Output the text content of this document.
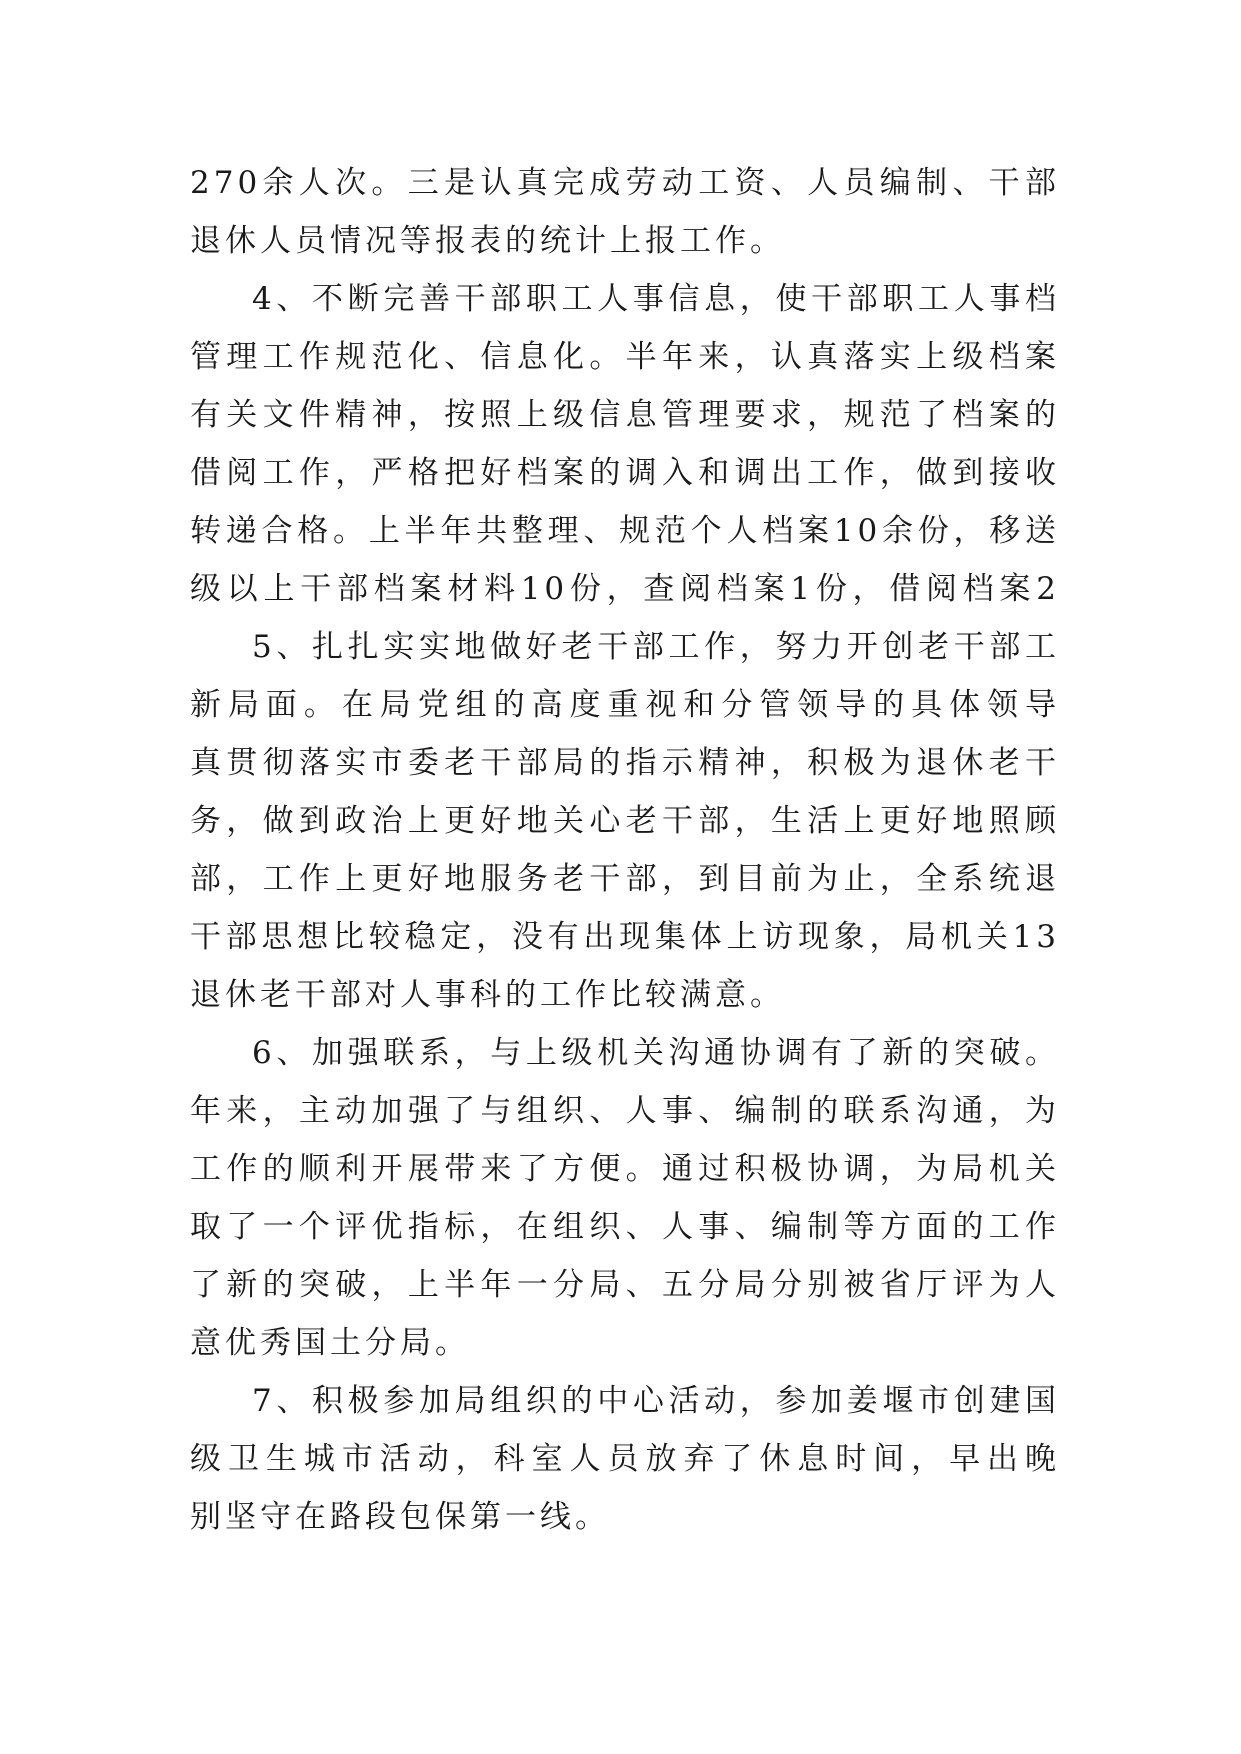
270余人次。三是认真完成劳动工资、人员编制、干部
退休人员情况等报表的统计上报工作。
4、不断完善干部职工人事信息，使干部职工人事档
管理工作规范化、信息化。半年来，认真落实上级档案
有关文件精神，按照上级信息管理要求，规范了档案的
借阅工作，严格把好档案的调入和调出工作，做到接收
转递合格。上半年共整理、规范个人档案10余份，移送
级以上干部档案材料10份，查阅档案1份，借阅档案2
5、扎扎实实地做好老干部工作，努力开创老干部工
新局面。在局党组的高度重视和分管领导的具体领导
真贯彻落实市委老干部局的指示精神，积极为退休老干
务，做到政治上更好地关心老干部，生活上更好地照顾
部，工作上更好地服务老干部，到目前为止，全系统退
干部思想比较稳定，没有出现集体上访现象，局机关13
退休老干部对人事科的工作比较满意。
6、加强联系，与上级机关沟通协调有了新的突破。
年来，主动加强了与组织、人事、编制的联系沟通，为
工作的顺利开展带来了方便。通过积极协调，为局机关
取了一个评优指标，在组织、人事、编制等方面的工作
了新的突破，上半年一分局、五分局分别被省厅评为人
意优秀国土分局。
7、积极参加局组织的中心活动，参加姜堰市创建国
级卫生城市活动，科室人员放弃了休息时间，早出晚
别坚守在路段包保第一线。
